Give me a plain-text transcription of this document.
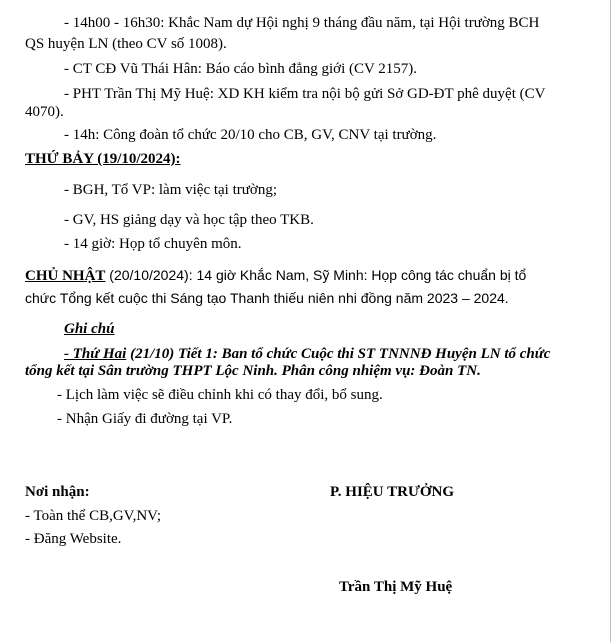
- 14h00 - 16h30: Khắc Nam dự Hội nghị 9 tháng đầu năm, tại Hội trường BCH
QS huyện LN (theo CV số 1008).
- CT CĐ Vũ Thái Hân: Báo cáo bình đẳng giới (CV 2157).
- PHT Trần Thị Mỹ Huệ: XD KH kiểm tra nội bộ gửi Sở GD-ĐT phê duyệt (CV
4070).
- 14h: Công đoàn tổ chức 20/10 cho CB, GV, CNV tại trường.
THỨ BẢY (19/10/2024):
- BGH, Tổ VP: làm việc tại trường;
- GV, HS giảng dạy và học tập theo TKB.
- 14 giờ: Họp tổ chuyên môn.
CHỦ NHẬT (20/10/2024): 14 giờ Khắc Nam, Sỹ Minh: Họp công tác chuẩn bị tổ
chức Tổng kết cuộc thi Sáng tạo Thanh thiếu niên nhi đồng năm 2023 – 2024.
Ghi chú
- Thứ Hai (21/10) Tiết 1: Ban tổ chức Cuộc thi ST TNNNĐ Huyện LN tổ chức
tổng kết tại Sân trường THPT Lộc Ninh. Phân công nhiệm vụ: Đoàn TN.
- Lịch làm việc sẽ điều chỉnh khi có thay đổi, bổ sung.
- Nhận Giấy đi đường tại VP.
Nơi nhận:
- Toàn thể CB,GV,NV;
- Đăng Website.
P. HIỆU TRƯỞNG
Trần Thị Mỹ Huệ
